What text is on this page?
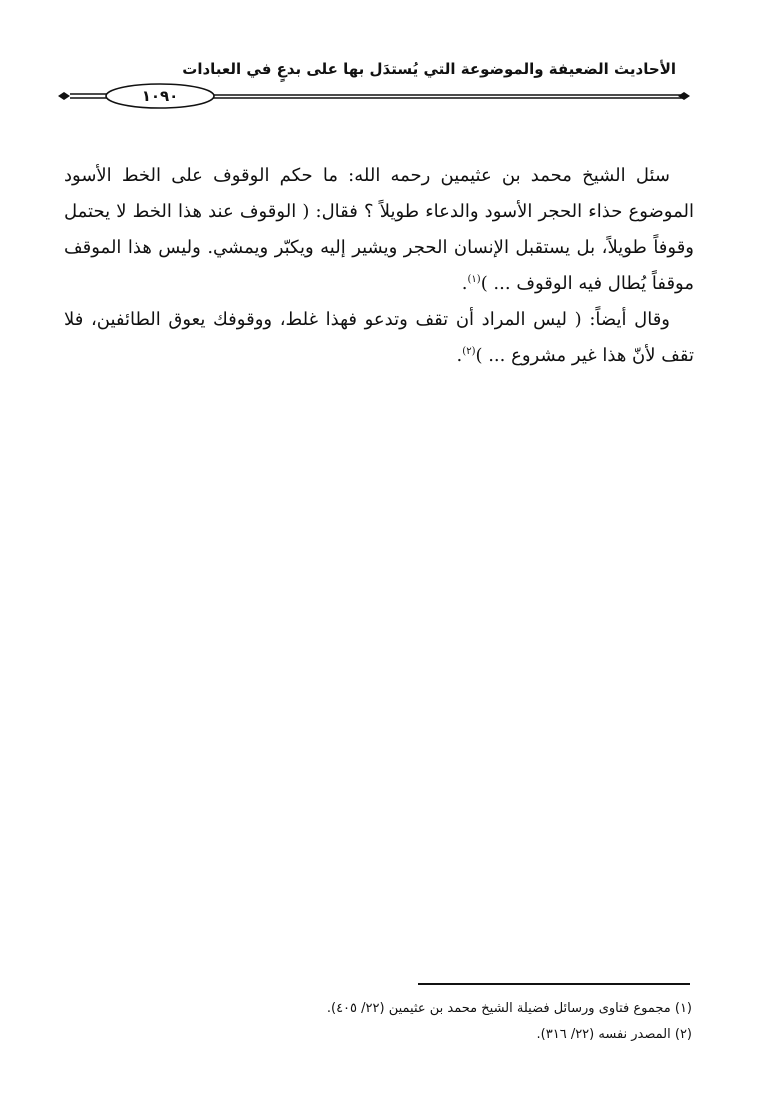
الأحاديث الضعيفة والموضوعة التي يُستدَل بها على بدعٍ في العبادات
١٠٩٠

سئل الشيخ محمد بن عثيمين رحمه الله: ما حكم الوقوف على الخط الأسود الموضوع حذاء الحجر الأسود والدعاء طويلاً ؟ فقال: ( الوقوف عند هذا الخط لا يحتمل وقوفاً طويلاً، بل يستقبل الإنسان الحجر ويشير إليه ويكبّر ويمشي. وليس هذا الموقف موقفاً يُطال فيه الوقوف ... )$^{(١)}$.

وقال أيضاً: ( ليس المراد أن تقف وتدعو فهذا غلط، ووقوفك يعوق الطائفين، فلا تقف لأنّ هذا غير مشروع ... )$^{(٢)}$.

(١) مجموع فتاوى ورسائل فضيلة الشيخ محمد بن عثيمين (٢٢/ ٤٠٥).

(٢) المصدر نفسه (٢٢/ ٣١٦).
